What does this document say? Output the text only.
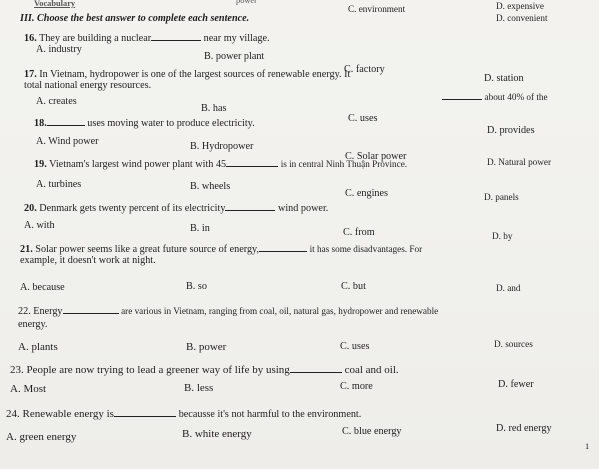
Vocabulary	power
C. environment	D. expensive
D. convenient
III. Choose the best answer to complete each sentence.
16. They are building a nuclear	near my village.
A. industry
B. power plant
C. factory
D. station
17. In Vietnam, hydropower is one of the largest sources of renewable energy. It
about 40% of the
total national energy resources.
A. creates
B. has
C. uses
D. provides
18.	uses moving water to produce electricity.
A. Wind power	B. Hydropower
C. Solar power	D. Natural power
19. Vietnam's largest wind power plant with 45	is in central Ninh Thuận Province.
A. turbines	B. wheels
C. engines	D. panels
20. Denmark gets twenty percent of its electricity	wind power.
A. with	B. in	C. from	D. by
21. Solar power seems like a great future source of energy,	it has some disadvantages. For
example, it doesn't work at night.
A. because	B. so	C. but	D. and
22. Energy	are various in Vietnam, ranging from coal, oil, natural gas, hydropower and renewable
energy.
A. plants	B. power	C. uses	D. sources
23. People are now trying to lead a greener way of life by using	coal and oil.
A. Most	B. less	C. more	D. fewer
24. Renewable energy is	becausse it's not harmful to the environment.
A. green energy	B. white energy	C. blue energy	D. red energy
1
